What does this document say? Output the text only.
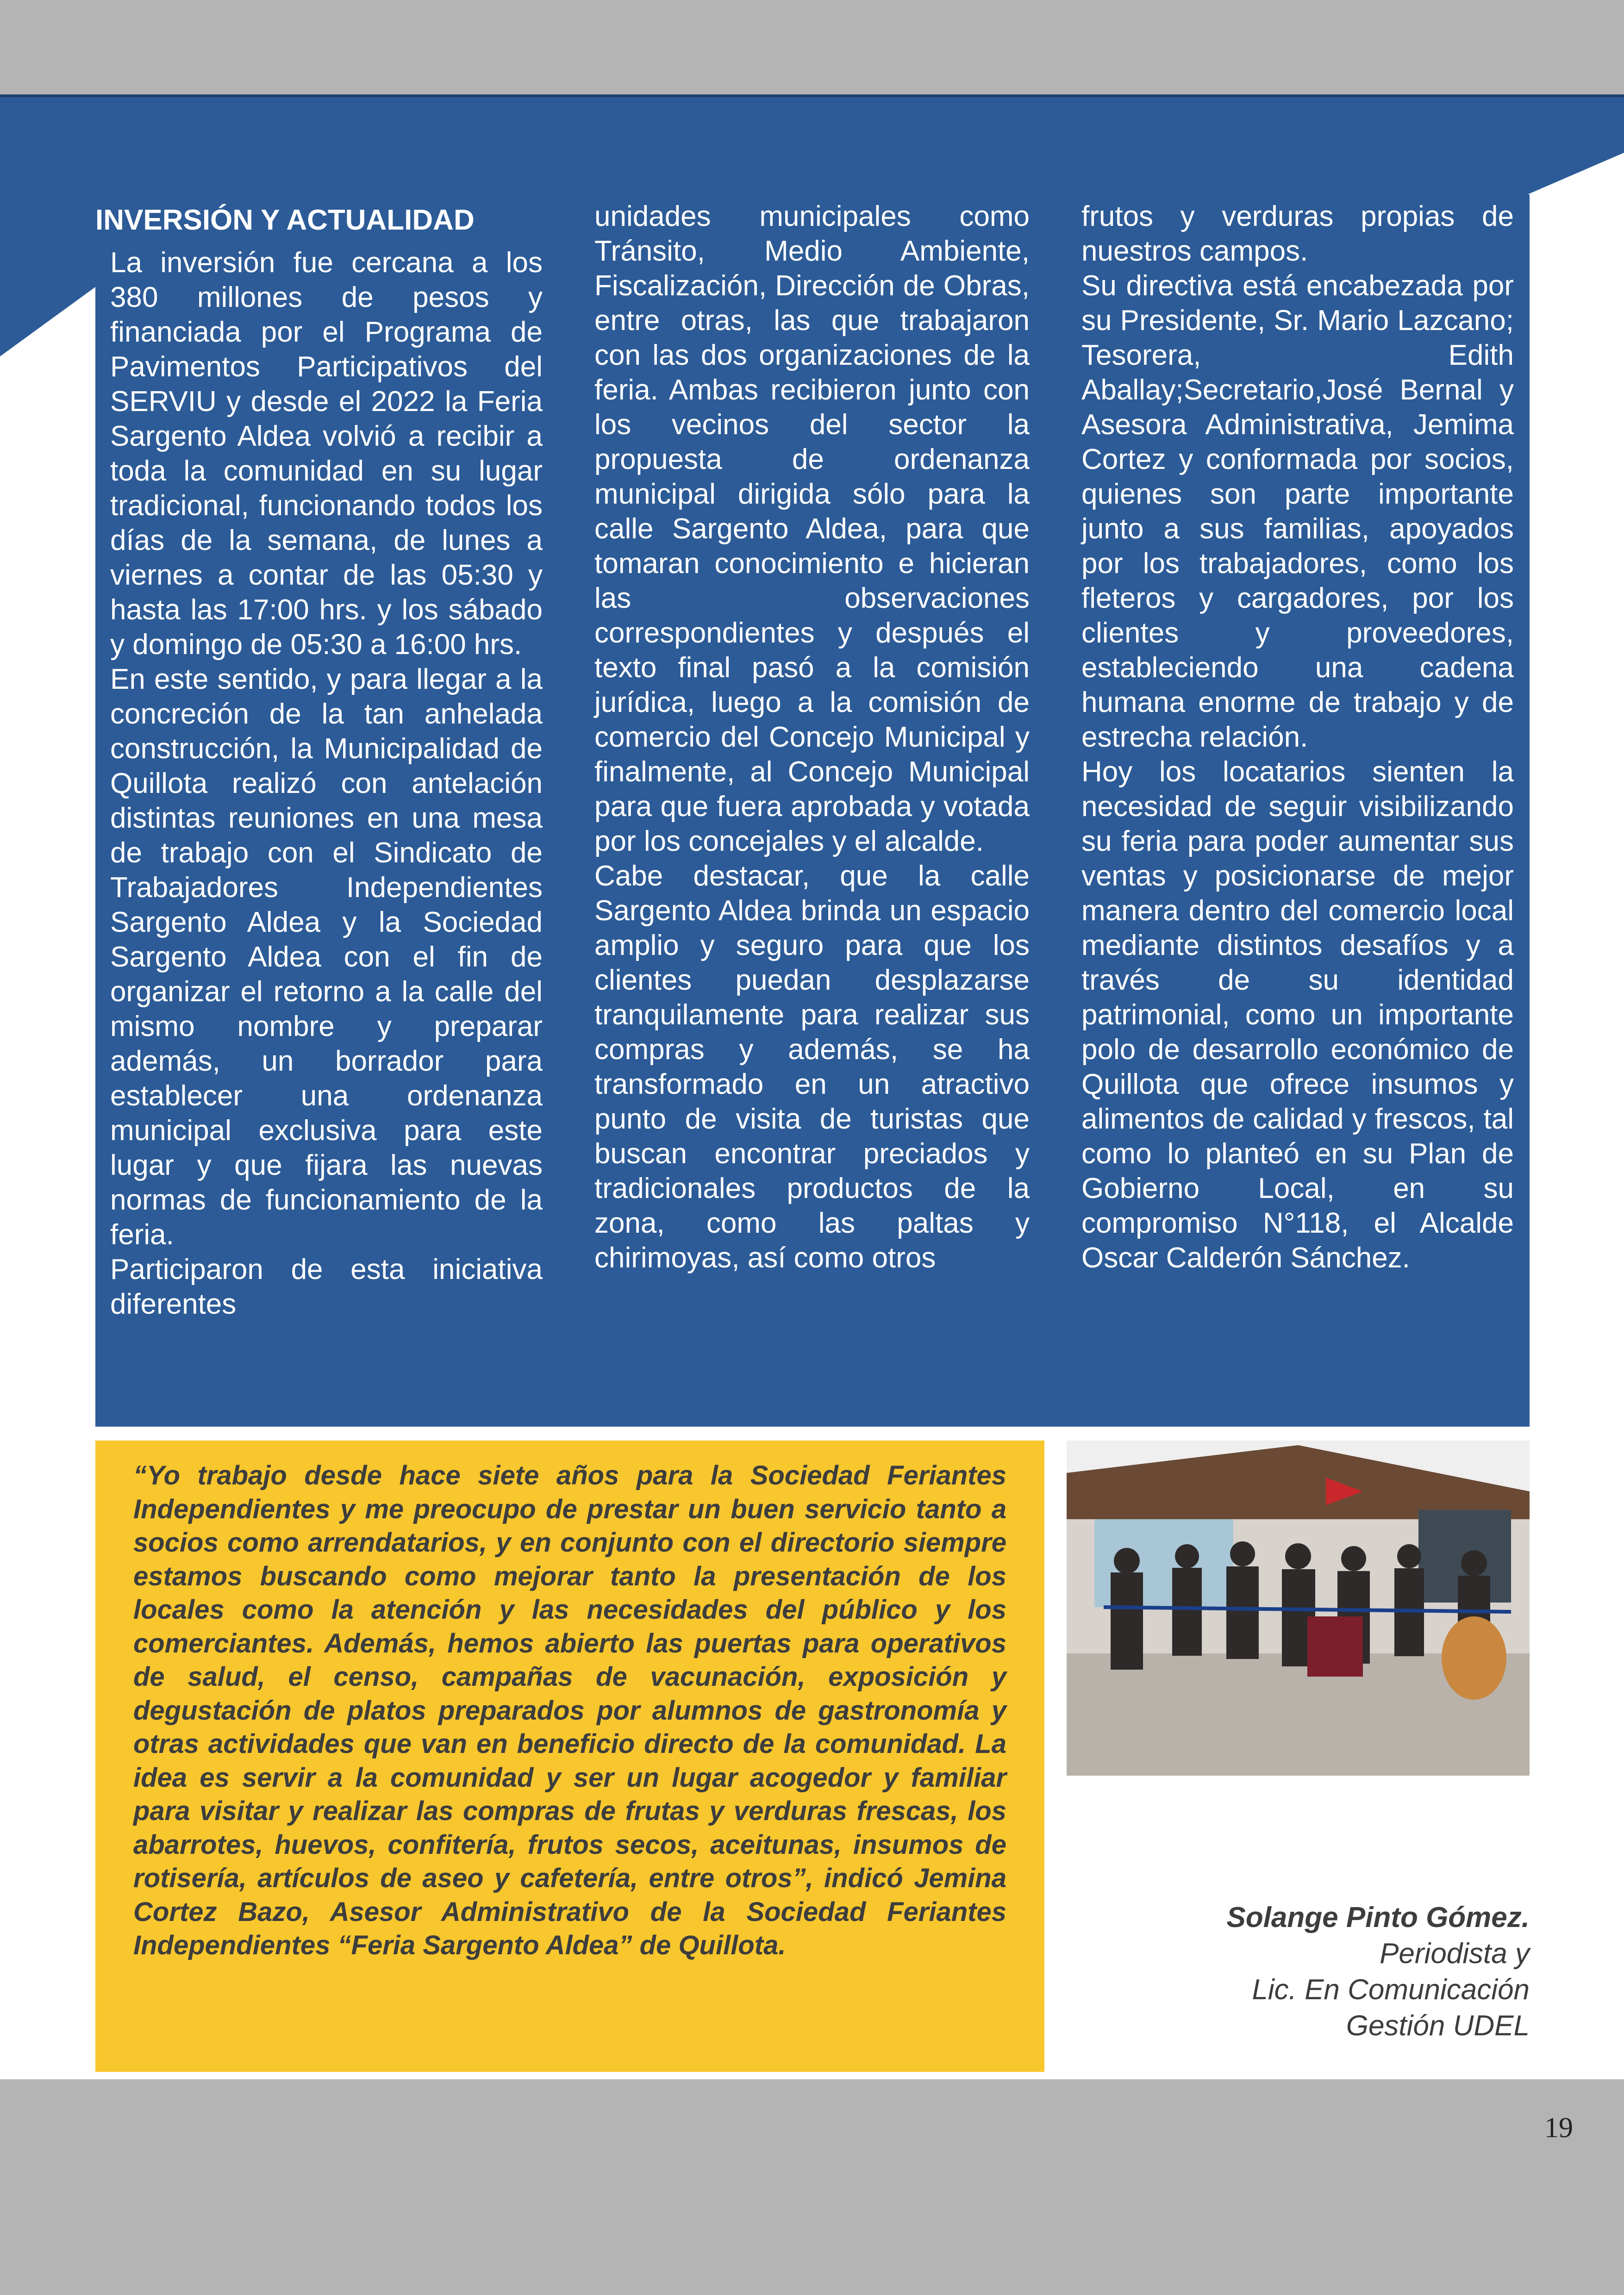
INVERSIÓN Y ACTUALIDAD

La inversión fue cercana a los 380 millones de pesos y financiada por el Programa de Pavimentos Participativos del SERVIU y desde el 2022 la Feria Sargento Aldea volvió a recibir a toda la comunidad en su lugar tradicional, funcionando todos los días de la semana, de lunes a viernes a contar de las 05:30 y hasta las 17:00 hrs. y los sábado y domingo de 05:30 a 16:00 hrs.

En este sentido, y para llegar a la concreción de la tan anhelada construcción, la Municipalidad de Quillota realizó con antelación distintas reuniones en una mesa de trabajo con el Sindicato de Trabajadores Independientes Sargento Aldea y la Sociedad Sargento Aldea con el fin de organizar el retorno a la calle del mismo nombre y preparar además, un borrador para establecer una ordenanza municipal exclusiva para este lugar y que fijara las nuevas normas de funcionamiento de la feria.

Participaron de esta iniciativa diferentes

unidades municipales como Tránsito, Medio Ambiente, Fiscalización, Dirección de Obras, entre otras, las que trabajaron con las dos organizaciones de la feria. Ambas recibieron junto con los vecinos del sector la propuesta de ordenanza municipal dirigida sólo para la calle Sargento Aldea, para que tomaran conocimiento e hicieran las observaciones correspondientes y después el texto final pasó a la comisión jurídica, luego a la comisión de comercio del Concejo Municipal y finalmente, al Concejo Municipal para que fuera aprobada y votada por los concejales y el alcalde.

Cabe destacar, que la calle Sargento Aldea brinda un espacio amplio y seguro para que los clientes puedan desplazarse tranquilamente para realizar sus compras y además, se ha transformado en un atractivo punto de visita de turistas que buscan encontrar preciados y tradicionales productos de la zona, como las paltas y chirimoyas, así como otros

frutos y verduras propias de nuestros campos.

Su directiva está encabezada por su Presidente, Sr. Mario Lazcano; Tesorera, Edith Aballay;Secretario,José Bernal y Asesora Administrativa, Jemima Cortez y conformada por socios, quienes son parte importante junto a sus familias, apoyados por los trabajadores, como los fleteros y cargadores, por los clientes y proveedores, estableciendo una cadena humana enorme de trabajo y de estrecha relación.

Hoy los locatarios sienten la necesidad de seguir visibilizando su feria para poder aumentar sus ventas y posicionarse de mejor manera dentro del comercio local mediante distintos desafíos y a través de su identidad patrimonial, como un importante polo de desarrollo económico de Quillota que ofrece insumos y alimentos de calidad y frescos, tal como lo planteó en su Plan de Gobierno Local, en su compromiso N°118, el Alcalde Oscar Calderón Sánchez.

“Yo trabajo desde hace siete años para la Sociedad Feriantes Independientes y me preocupo de prestar un buen servicio tanto a socios como arrendatarios, y en conjunto con el directorio siempre estamos buscando como mejorar tanto la presentación de los locales como la atención y las necesidades del público y los comerciantes. Además, hemos abierto las puertas para operativos de salud, el censo, campañas de vacunación, exposición y degustación de platos preparados por alumnos de gastronomía y otras actividades que van en beneficio directo de la comunidad. La idea es servir a la comunidad y ser un lugar acogedor y familiar para visitar y realizar las compras de frutas y verduras frescas, los abarrotes, huevos, confitería, frutos secos, aceitunas, insumos de rotisería, artículos de aseo y cafetería, entre otros”, indicó Jemina Cortez Bazo, Asesor Administrativo de la Sociedad Feriantes Independientes “Feria Sargento Aldea” de Quillota.
Solange Pinto Gómez.
Periodista y
Lic. En Comunicación
Gestión UDEL
19
